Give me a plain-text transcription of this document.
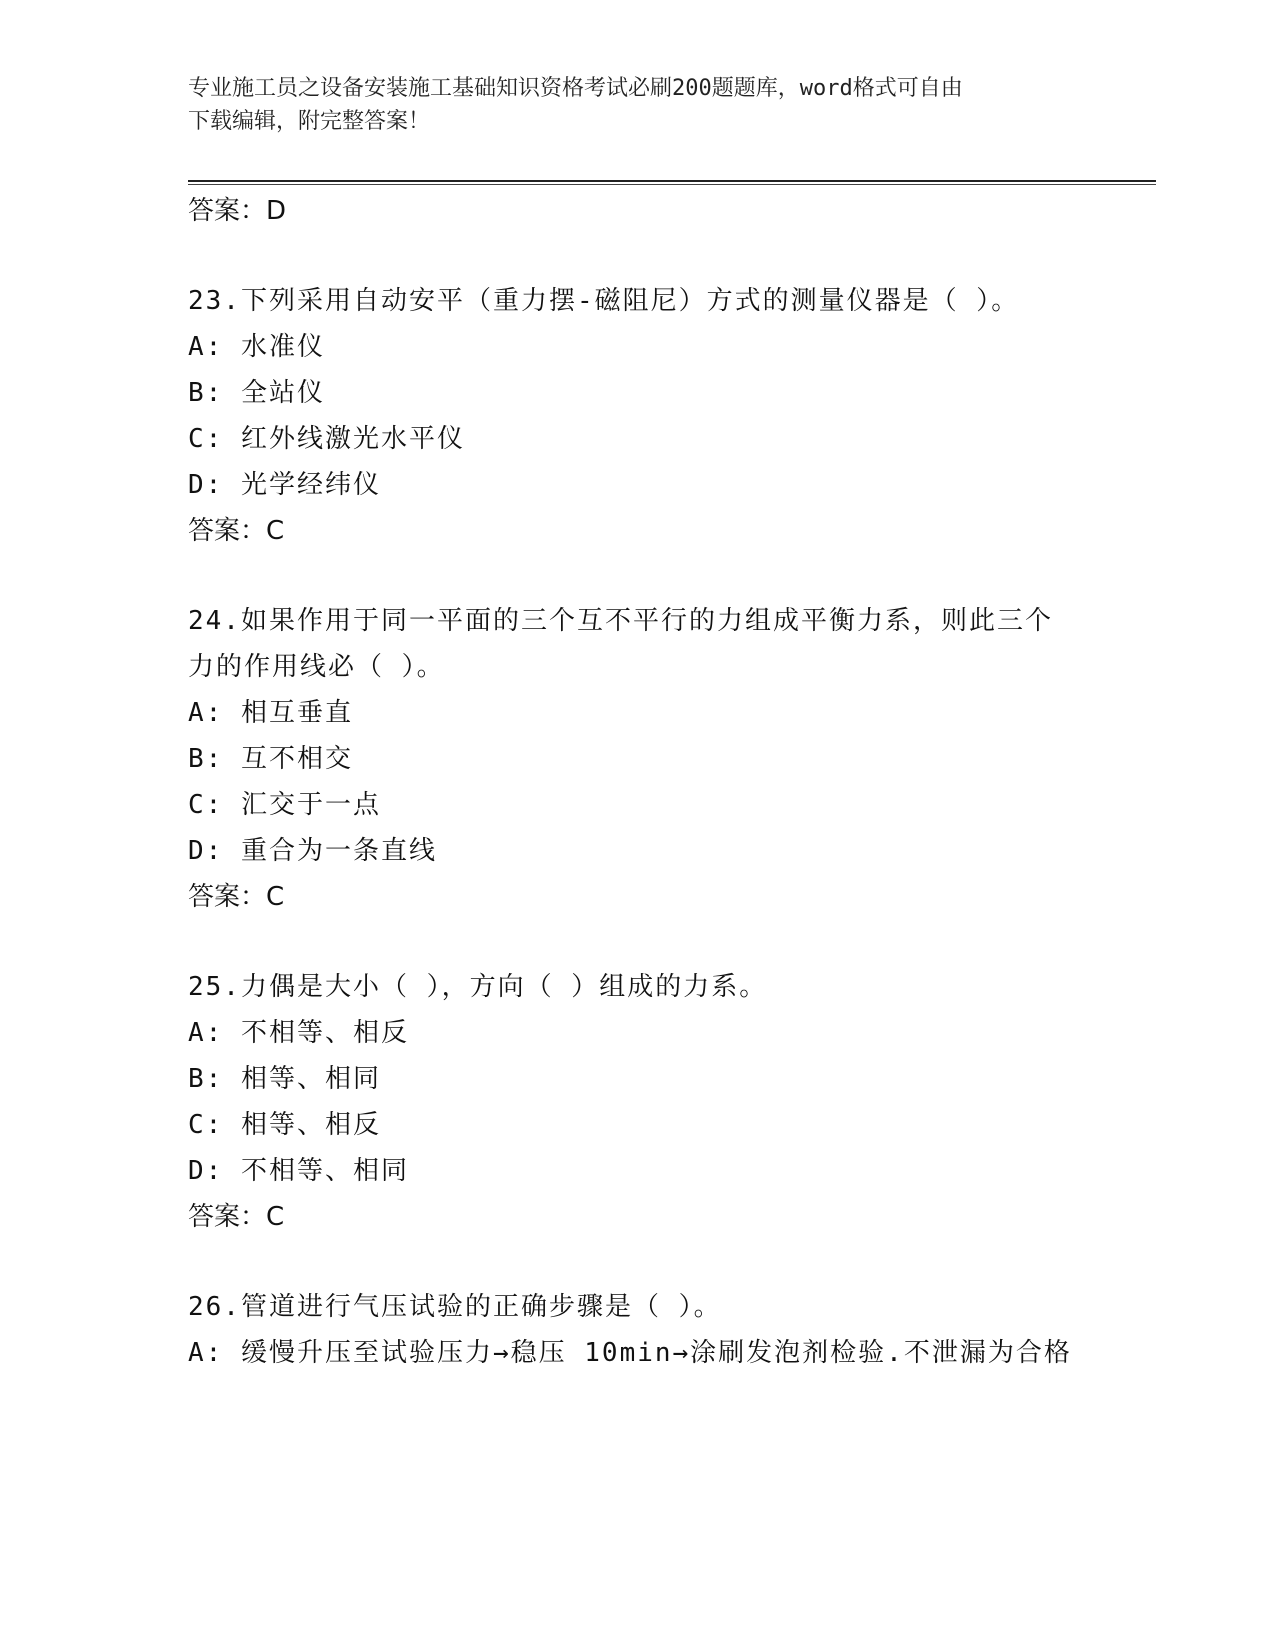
专业施工员之设备安装施工基础知识资格考试必刷200题题库，word格式可自由
下载编辑，附完整答案！
答案：D
23.下列采用自动安平（重力摆-磁阻尼）方式的测量仪器是（ ）。
A: 水准仪
B: 全站仪
C: 红外线激光水平仪
D: 光学经纬仪
答案：C
24.如果作用于同一平面的三个互不平行的力组成平衡力系，则此三个
力的作用线必（ ）。
A: 相互垂直
B: 互不相交
C: 汇交于一点
D: 重合为一条直线
答案：C
25.力偶是大小（ ），方向（ ）组成的力系。
A: 不相等、相反
B: 相等、相同
C: 相等、相反
D: 不相等、相同
答案：C
26.管道进行气压试验的正确步骤是（ ）。
A: 缓慢升压至试验压力→稳压 10min→涂刷发泡剂检验.不泄漏为合格
